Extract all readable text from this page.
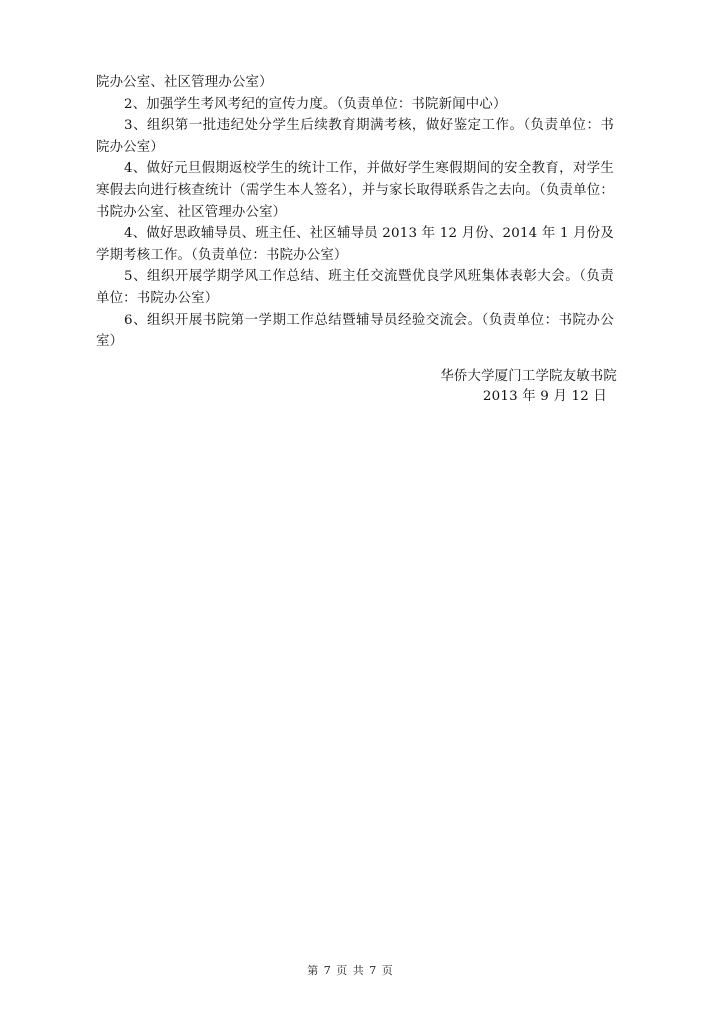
院办公室、社区管理办公室）

2、加强学生考风考纪的宣传力度。（负责单位：书院新闻中心）

3、组织第一批违纪处分学生后续教育期满考核，做好鉴定工作。（负责单位：书院办公室）

4、做好元旦假期返校学生的统计工作，并做好学生寒假期间的安全教育，对学生寒假去向进行核查统计（需学生本人签名），并与家长取得联系告之去向。（负责单位：书院办公室、社区管理办公室）

4、做好思政辅导员、班主任、社区辅导员 2013 年 12 月份、2014 年 1 月份及学期考核工作。（负责单位：书院办公室）

5、组织开展学期学风工作总结、班主任交流暨优良学风班集体表彰大会。（负责单位：书院办公室）

6、组织开展书院第一学期工作总结暨辅导员经验交流会。（负责单位：书院办公室）

华侨大学厦门工学院友敏书院
2013 年 9 月 12 日
第 7 页 共 7 页
